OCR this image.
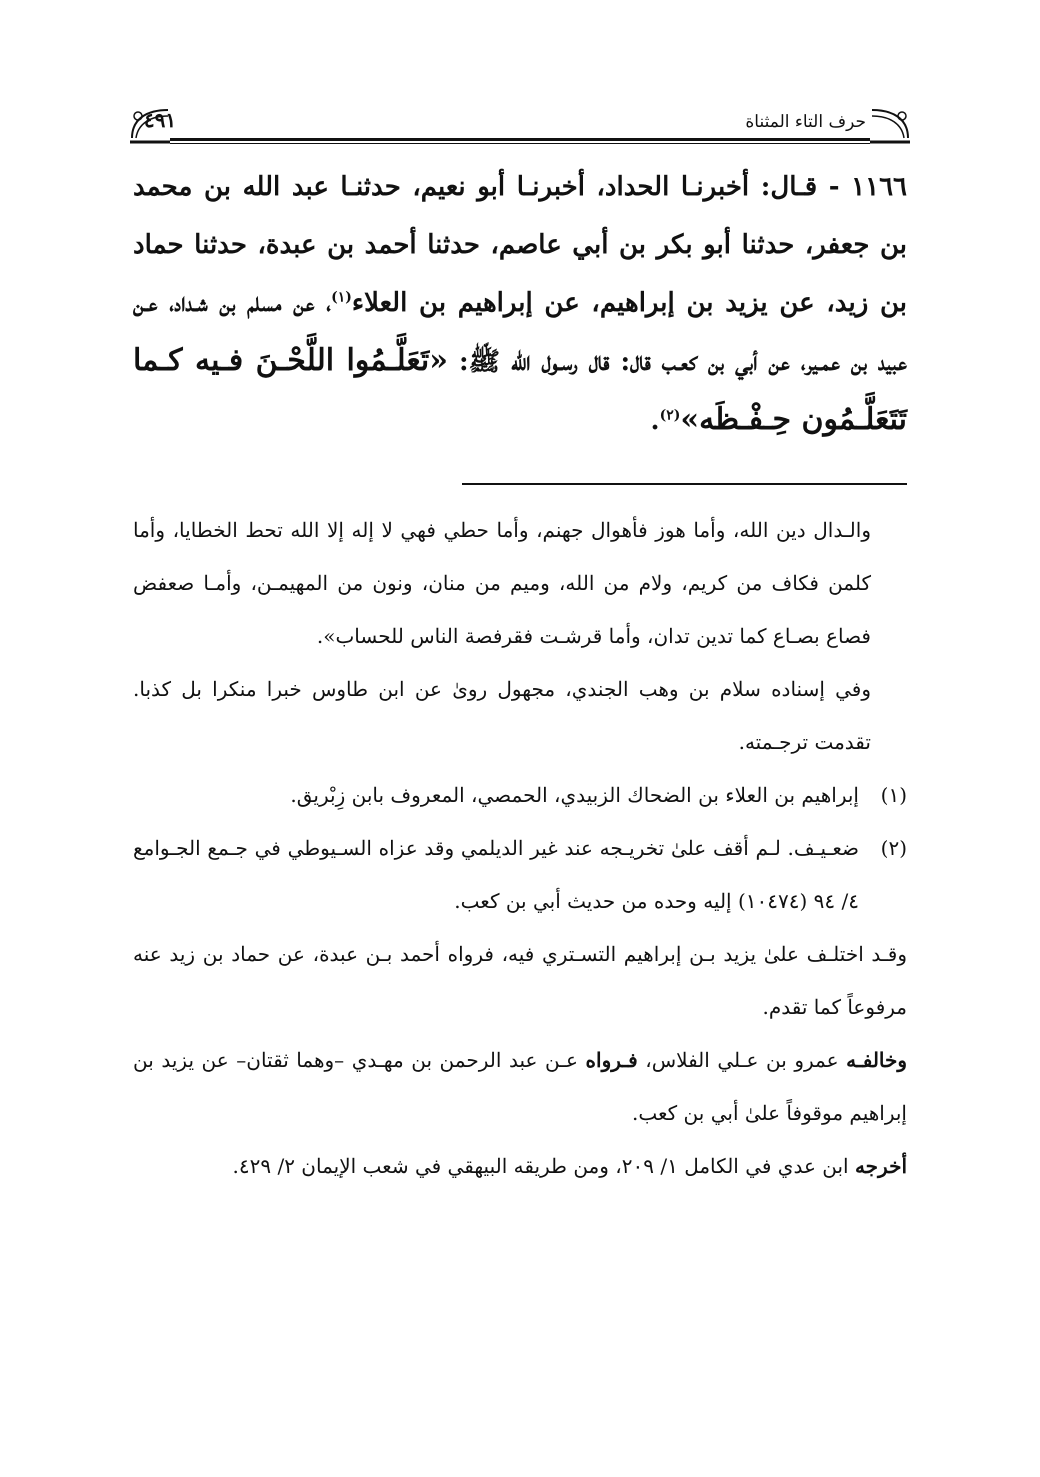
٤٩١	حرف التاء المثناة

١١٦٦ - قـال: أخبرنـا الحداد، أخبرنـا أبو نعيم، حدثنـا عبد الله بن محمد بن جعفر، حدثنا أبو بكر بن أبي عاصم، حدثنا أحمد بن عبدة، حدثنا حماد بن زيد، عن يزيد بن إبراهيم، عن إبراهيم بن العلاء$^{(١)}$، عن مسلم بن شـداد، عـن عبيد بن عمـير، عن أبي بن كعـب قال: قال رسـول الله ﷺ: «تَعَلَّـمُوا اللَّحْـنَ فـيه كـما تَتَعَلَّـمُون حِـفْـظَه»$^{(٢)}$.

والـدال دين الله، وأما هوز فأهوال جهنم، وأما حطي فهي لا إله إلا الله تحط الخطايا، وأما كلمن فكاف من كريم، ولام من الله، وميم من منان، ونون من المهيمـن، وأمـا صعفض فصاع بصـاع كما تدين تدان، وأما قرشـت فقرفصة الناس للحساب».

وفي إسناده سلام بن وهب الجندي، مجهول روىٰ عن ابن طاوس خبرا منكرا بل كذبا. تقدمت ترجـمته.

(١)
إبراهيم بن العلاء بن الضحاك الزبيدي، الحمصي، المعروف بابن زِبْريق.
(٢)
ضعـيـف. لـم أقف علىٰ تخريـجه عند غير الديلمي وقد عزاه السـيوطي في جـمع الجـوامع ٤/ ٩٤ (١٠٤٧٤) إليه وحده من حديث أبي بن كعب.

وقـد اختلـف علىٰ يزيد بـن إبراهيم التسـتري فيه، فرواه أحمد بـن عبدة، عن حماد بن زيد عنه مرفوعاً كما تقدم.

وخالفـه عمرو بن عـلي الفلاس، فـرواه عـن عبد الرحمن بن مهـدي –وهما ثقتان– عن يزيد بن إبراهيم موقوفاً علىٰ أبي بن كعب.

أخرجه ابن عدي في الكامل ١/ ٢٠٩، ومن طريقه البيهقي في شعب الإيمان ٢/ ٤٢٩.
